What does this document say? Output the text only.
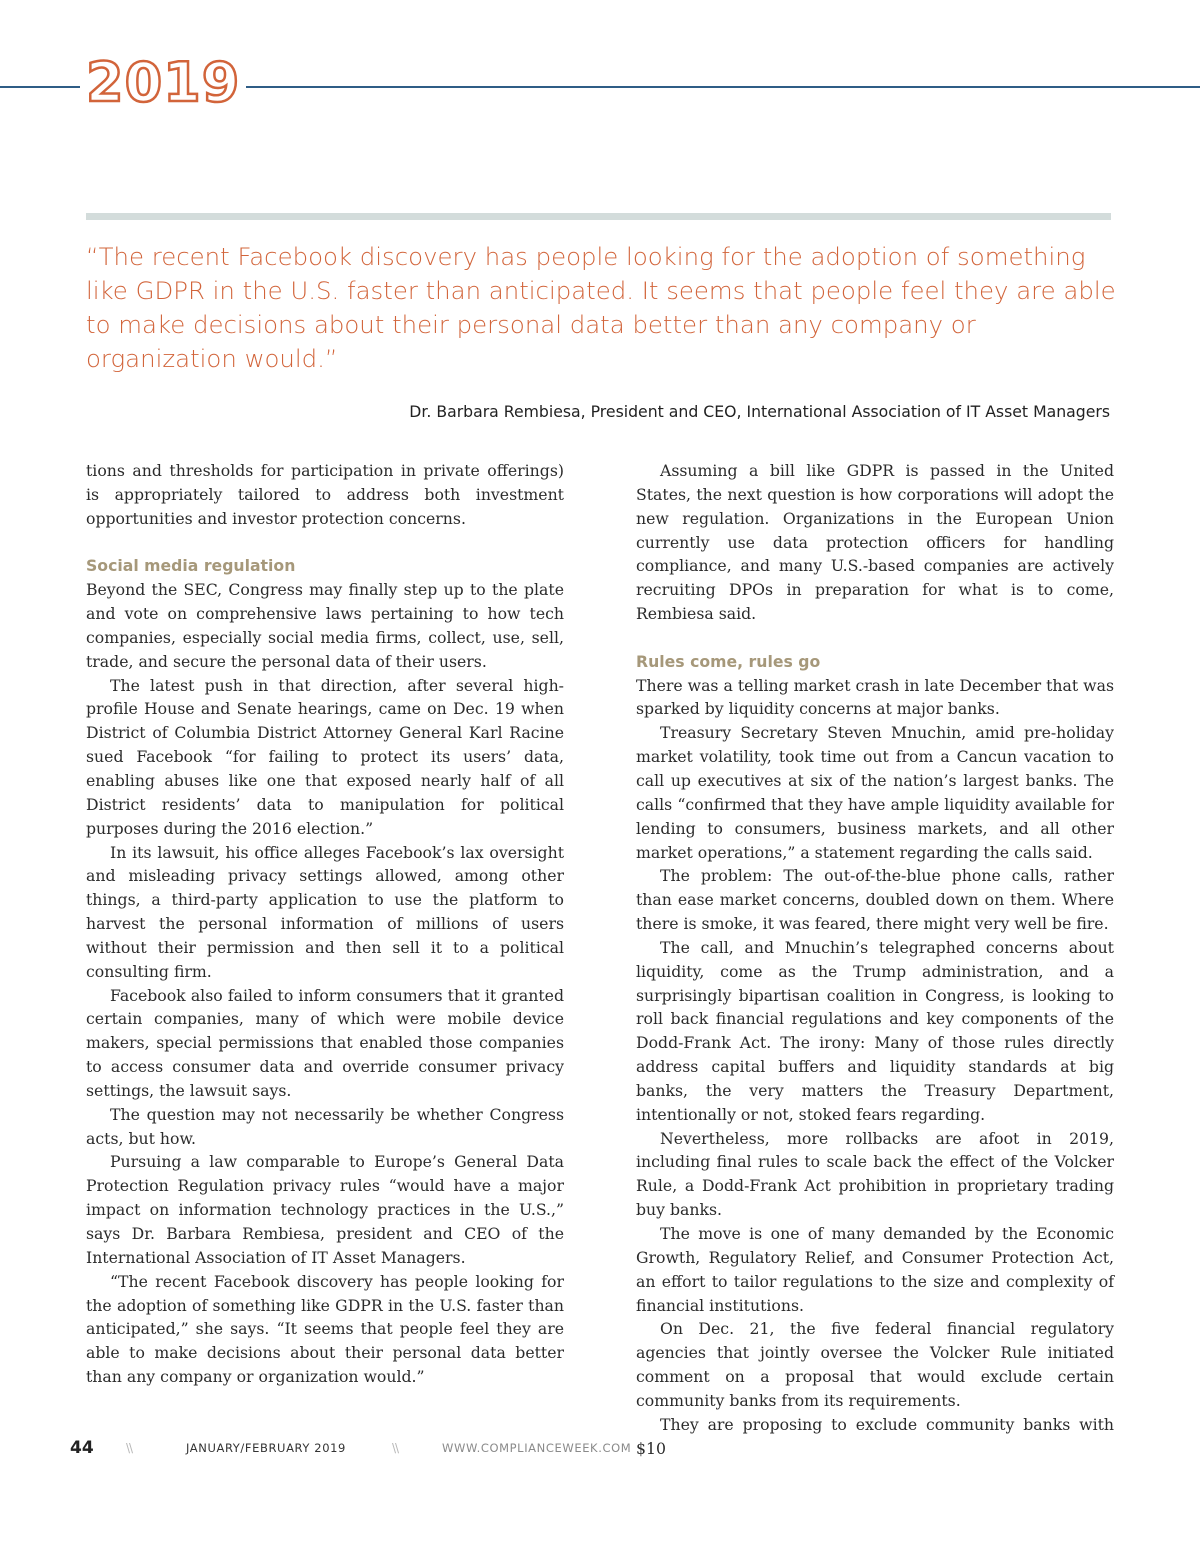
2019

“The recent Facebook discovery has people looking for the adoption of something like GDPR in the U.S. faster than anticipated. It seems that people feel they are able to make decisions about their personal data better than any company or organization would.”

Dr. Barbara Rembiesa, President and CEO, International Association of IT Asset Managers

tions and thresholds for participation in private offerings) is appropriately tailored to address both investment opportunities and investor protection concerns.

Social media regulation

Beyond the SEC, Congress may finally step up to the plate and vote on comprehensive laws pertaining to how tech companies, especially social media firms, collect, use, sell, trade, and secure the personal data of their users.

The latest push in that direction, after several high-profile House and Senate hearings, came on Dec. 19 when District of Columbia District Attorney General Karl Racine sued Facebook “for failing to protect its users’ data, enabling abuses like one that exposed nearly half of all District residents’ data to manipulation for political purposes during the 2016 election.”

In its lawsuit, his office alleges Facebook’s lax oversight and misleading privacy settings allowed, among other things, a third-party application to use the platform to harvest the personal information of millions of users without their permission and then sell it to a political consulting firm.

Facebook also failed to inform consumers that it granted certain companies, many of which were mobile device makers, special permissions that enabled those companies to access consumer data and override consumer privacy settings, the lawsuit says.

The question may not necessarily be whether Congress acts, but how.

Pursuing a law comparable to Europe’s General Data Protection Regulation privacy rules “would have a major impact on information technology practices in the U.S.,” says Dr. Barbara Rembiesa, president and CEO of the International Association of IT Asset Managers.

“The recent Facebook discovery has people looking for the adoption of something like GDPR in the U.S. faster than anticipated,” she says. “It seems that people feel they are able to make decisions about their personal data better than any company or organization would.”

Assuming a bill like GDPR is passed in the United States, the next question is how corporations will adopt the new regulation. Organizations in the European Union currently use data protection officers for handling compliance, and many U.S.-based companies are actively recruiting DPOs in preparation for what is to come, Rembiesa said.

Rules come, rules go

There was a telling market crash in late December that was sparked by liquidity concerns at major banks.

Treasury Secretary Steven Mnuchin, amid pre-holiday market volatility, took time out from a Cancun vacation to call up executives at six of the nation’s largest banks. The calls “confirmed that they have ample liquidity available for lending to consumers, business markets, and all other market operations,” a statement regarding the calls said.

The problem: The out-of-the-blue phone calls, rather than ease market concerns, doubled down on them. Where there is smoke, it was feared, there might very well be fire.

The call, and Mnuchin’s telegraphed concerns about liquidity, come as the Trump administration, and a surprisingly bipartisan coalition in Congress, is looking to roll back financial regulations and key components of the Dodd-Frank Act. The irony: Many of those rules directly address capital buffers and liquidity standards at big banks, the very matters the Treasury Department, intentionally or not, stoked fears regarding.

Nevertheless, more rollbacks are afoot in 2019, including final rules to scale back the effect of the Volcker Rule, a Dodd-Frank Act prohibition in proprietary trading buy banks.

The move is one of many demanded by the Economic Growth, Regulatory Relief, and Consumer Protection Act, an effort to tailor regulations to the size and complexity of financial institutions.

On Dec. 21, the five federal financial regulatory agencies that jointly oversee the Volcker Rule initiated comment on a proposal that would exclude certain community banks from its requirements.

They are proposing to exclude community banks with $10

44	\\	JANUARY/FEBRUARY 2019	\\	WWW.COMPLIANCEWEEK.COM
